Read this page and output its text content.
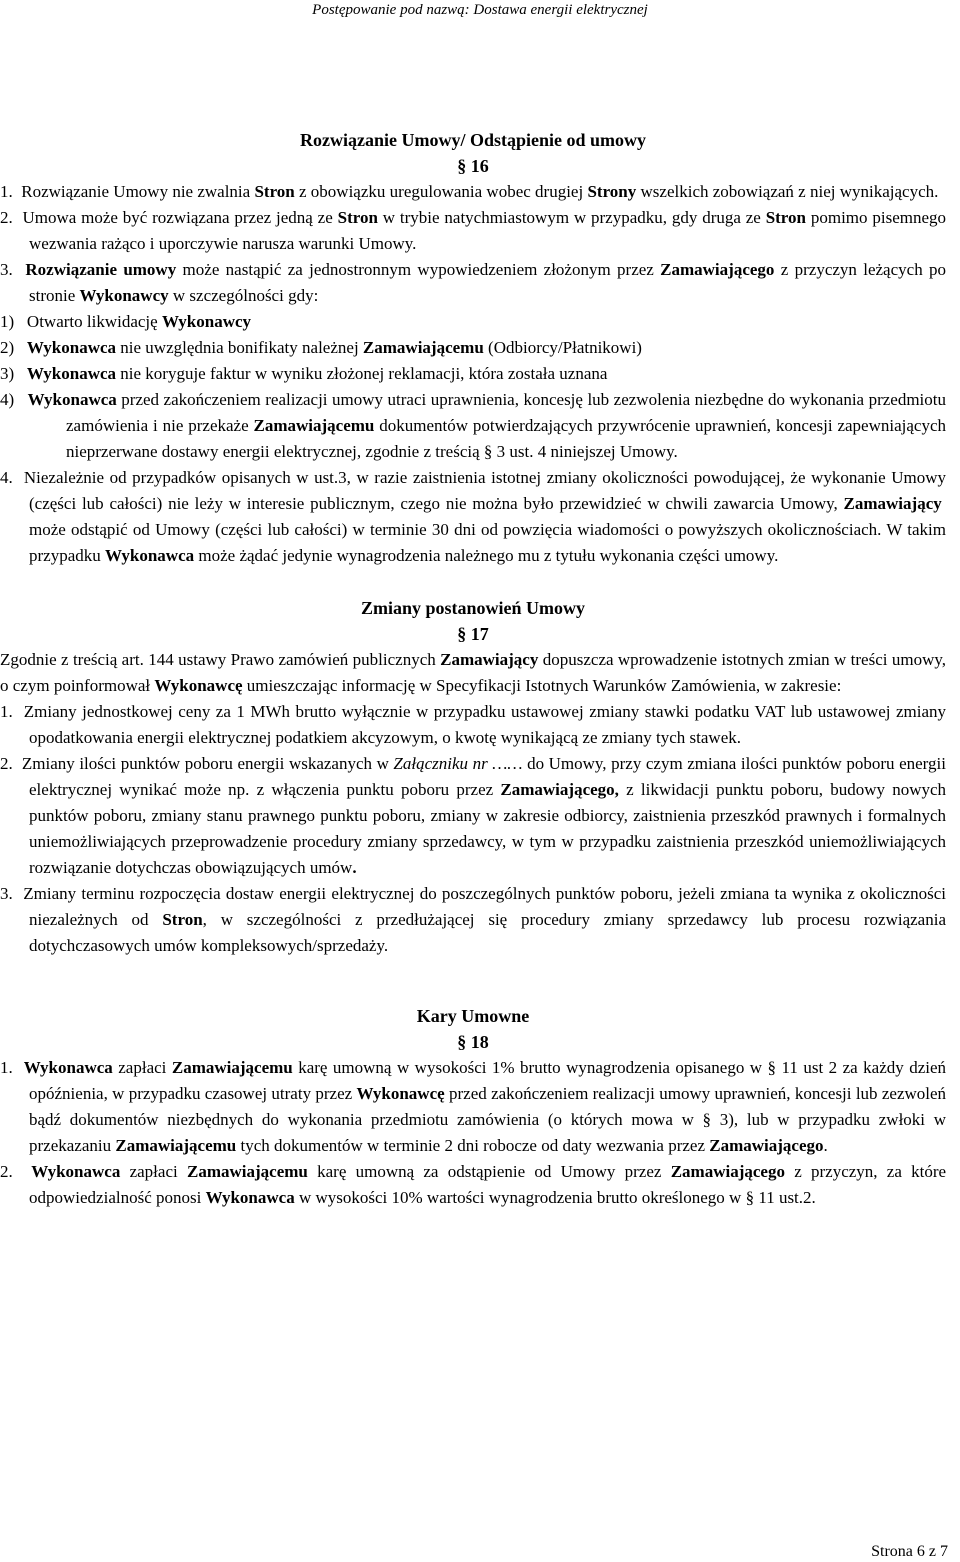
Postępowanie pod nazwą: Dostawa energii elektrycznej
Rozwiązanie Umowy/ Odstąpienie od umowy
§ 16

1. Rozwiązanie Umowy nie zwalnia Stron z obowiązku uregulowania wobec drugiej Strony wszelkich zobowiązań z niej wynikających.

2. Umowa może być rozwiązana przez jedną ze Stron w trybie natychmiastowym w przypadku, gdy druga ze Stron pomimo pisemnego wezwania rażąco i uporczywie narusza warunki Umowy.

3. Rozwiązanie umowy może nastąpić za jednostronnym wypowiedzeniem złożonym przez Zamawiającego z przyczyn leżących po stronie Wykonawcy w szczególności gdy:

1) Otwarto likwidację Wykonawcy

2) Wykonawca nie uwzględnia bonifikaty należnej Zamawiającemu (Odbiorcy/Płatnikowi)

3) Wykonawca nie koryguje faktur w wyniku złożonej reklamacji, która została uznana

4) Wykonawca przed zakończeniem realizacji umowy utraci uprawnienia, koncesję lub zezwolenia niezbędne do wykonania przedmiotu zamówienia i nie przekaże Zamawiającemu dokumentów potwierdzających przywrócenie uprawnień, koncesji zapewniających nieprzerwane dostawy energii elektrycznej, zgodnie z treścią § 3 ust. 4 niniejszej Umowy.

4. Niezależnie od przypadków opisanych w ust.3, w razie zaistnienia istotnej zmiany okoliczności powodującej, że wykonanie Umowy (części lub całości) nie leży w interesie publicznym, czego nie można było przewidzieć w chwili zawarcia Umowy, Zamawiający  może odstąpić od Umowy (części lub całości) w terminie 30 dni od powzięcia wiadomości o powyższych okolicznościach. W takim przypadku Wykonawca może żądać jedynie wynagrodzenia należnego mu z tytułu wykonania części umowy.

Zmiany postanowień Umowy
§ 17

Zgodnie z treścią art. 144 ustawy Prawo zamówień publicznych Zamawiający dopuszcza wprowadzenie istotnych zmian w treści umowy, o czym poinformował Wykonawcę umieszczając informację w Specyfikacji Istotnych Warunków Zamówienia, w zakresie:

1. Zmiany jednostkowej ceny za 1 MWh brutto wyłącznie w przypadku ustawowej zmiany stawki podatku VAT lub ustawowej zmiany opodatkowania energii elektrycznej podatkiem akcyzowym, o kwotę wynikającą ze zmiany tych stawek.

2. Zmiany ilości punktów poboru energii wskazanych w Załączniku nr …… do Umowy, przy czym zmiana ilości punktów poboru energii elektrycznej wynikać może np. z włączenia punktu poboru przez Zamawiającego, z likwidacji punktu poboru, budowy nowych punktów poboru, zmiany stanu prawnego punktu poboru, zmiany w zakresie odbiorcy, zaistnienia przeszkód prawnych i formalnych uniemożliwiających przeprowadzenie procedury zmiany sprzedawcy, w tym w przypadku zaistnienia przeszkód uniemożliwiających rozwiązanie dotychczas obowiązujących umów.

3. Zmiany terminu rozpoczęcia dostaw energii elektrycznej do poszczególnych punktów poboru, jeżeli zmiana ta wynika z okoliczności niezależnych od Stron, w szczególności z przedłużającej się procedury zmiany sprzedawcy lub procesu rozwiązania dotychczasowych umów kompleksowych/sprzedaży.

Kary Umowne
§ 18

1. Wykonawca zapłaci Zamawiającemu karę umowną w wysokości 1% brutto wynagrodzenia opisanego w § 11 ust 2 za każdy dzień opóźnienia, w przypadku czasowej utraty przez Wykonawcę przed zakończeniem realizacji umowy uprawnień, koncesji lub zezwoleń bądź dokumentów niezbędnych do wykonania przedmiotu zamówienia (o których mowa w § 3), lub w przypadku zwłoki w przekazaniu Zamawiającemu tych dokumentów w terminie 2 dni robocze od daty wezwania przez Zamawiającego.

2. Wykonawca zapłaci Zamawiającemu karę umowną za odstąpienie od Umowy przez Zamawiającego z przyczyn, za które odpowiedzialność ponosi Wykonawca w wysokości 10% wartości wynagrodzenia brutto określonego w § 11 ust.2.

Strona 6 z 7
